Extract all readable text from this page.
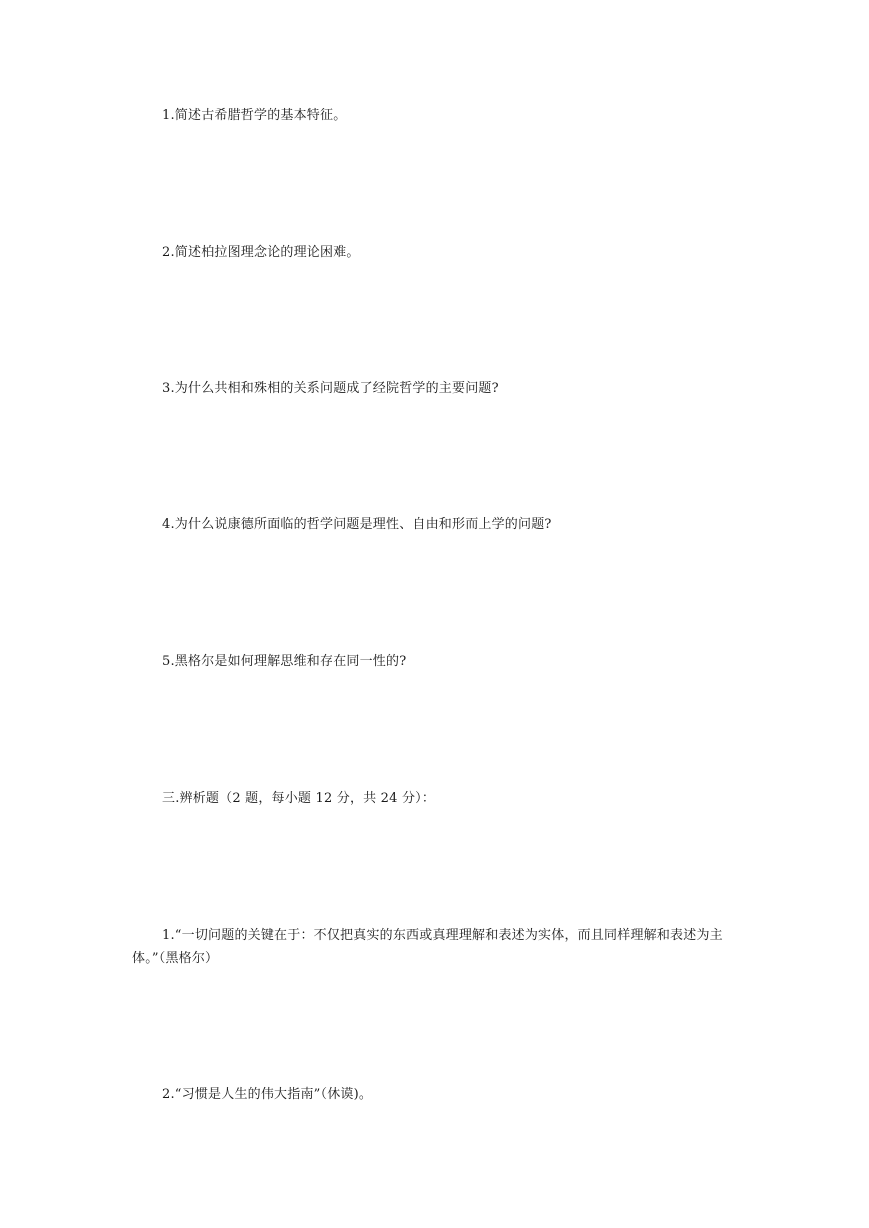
1.简述古希腊哲学的基本特征。
2.简述柏拉图理念论的理论困难。
3.为什么共相和殊相的关系问题成了经院哲学的主要问题?
4.为什么说康德所面临的哲学问题是理性、自由和形而上学的问题?
5.黑格尔是如何理解思维和存在同一性的?
三.辨析题（2 题，每小题 12 分，共 24 分）：
1.“一切问题的关键在于：不仅把真实的东西或真理理解和表述为实体，而且同样理解和表述为主体。”（黑格尔）
2.“习惯是人生的伟大指南”（休谟)。
